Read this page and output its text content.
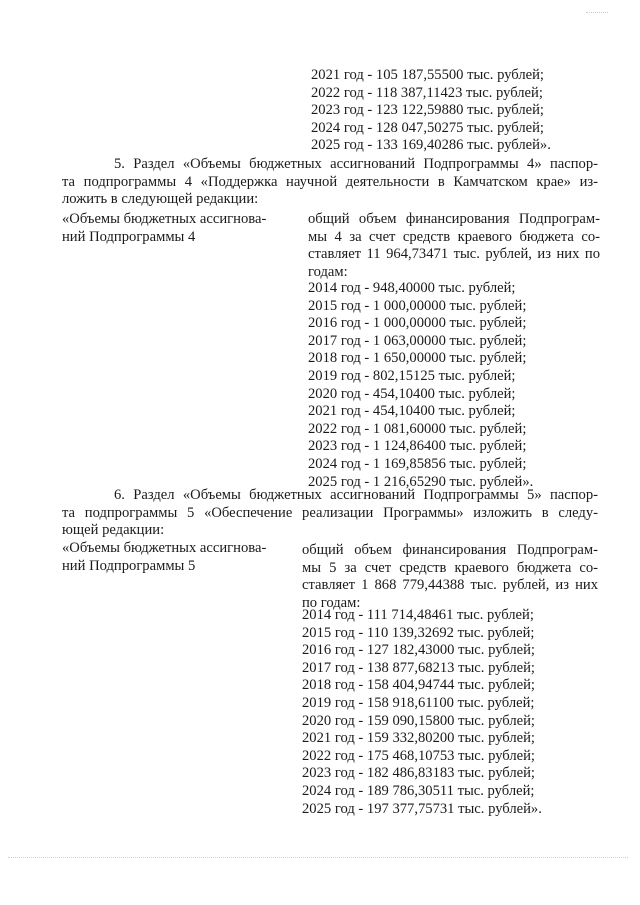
2021 год - 105 187,55500 тыс. рублей;
2022 год - 118 387,11423 тыс. рублей;
2023 год - 123 122,59880 тыс. рублей;
2024 год - 128 047,50275 тыс. рублей;
2025 год - 133 169,40286 тыс. рублей».
5. Раздел «Объемы бюджетных ассигнований Подпрограммы 4» паспор-
та подпрограммы 4 «Поддержка научной деятельности в Камчатском крае» из-
ложить в следующей редакции:
«Объемы бюджетных ассигнова-
ний Подпрограммы 4
общий объем финансирования Подпрограм-
мы 4 за счет средств краевого бюджета со-
ставляет 11 964,73471 тыс. рублей, из них по
годам:
2014 год - 948,40000 тыс. рублей;
2015 год - 1 000,00000 тыс. рублей;
2016 год - 1 000,00000 тыс. рублей;
2017 год - 1 063,00000 тыс. рублей;
2018 год - 1 650,00000 тыс. рублей;
2019 год - 802,15125 тыс. рублей;
2020 год - 454,10400 тыс. рублей;
2021 год - 454,10400 тыс. рублей;
2022 год - 1 081,60000 тыс. рублей;
2023 год - 1 124,86400 тыс. рублей;
2024 год - 1 169,85856 тыс. рублей;
2025 год - 1 216,65290 тыс. рублей».
6. Раздел «Объемы бюджетных ассигнований Подпрограммы 5» паспор-
та подпрограммы 5 «Обеспечение реализации Программы» изложить в следу-
ющей редакции:
«Объемы бюджетных ассигнова-
ний Подпрограммы 5
общий объем финансирования Подпрограм-
мы 5 за счет средств краевого бюджета со-
ставляет 1 868 779,44388 тыс. рублей, из них
по годам:
2014 год - 111 714,48461 тыс. рублей;
2015 год - 110 139,32692 тыс. рублей;
2016 год - 127 182,43000 тыс. рублей;
2017 год - 138 877,68213 тыс. рублей;
2018 год - 158 404,94744 тыс. рублей;
2019 год - 158 918,61100 тыс. рублей;
2020 год - 159 090,15800 тыс. рублей;
2021 год - 159 332,80200 тыс. рублей;
2022 год - 175 468,10753 тыс. рублей;
2023 год - 182 486,83183 тыс. рублей;
2024 год - 189 786,30511 тыс. рублей;
2025 год - 197 377,75731 тыс. рублей».
